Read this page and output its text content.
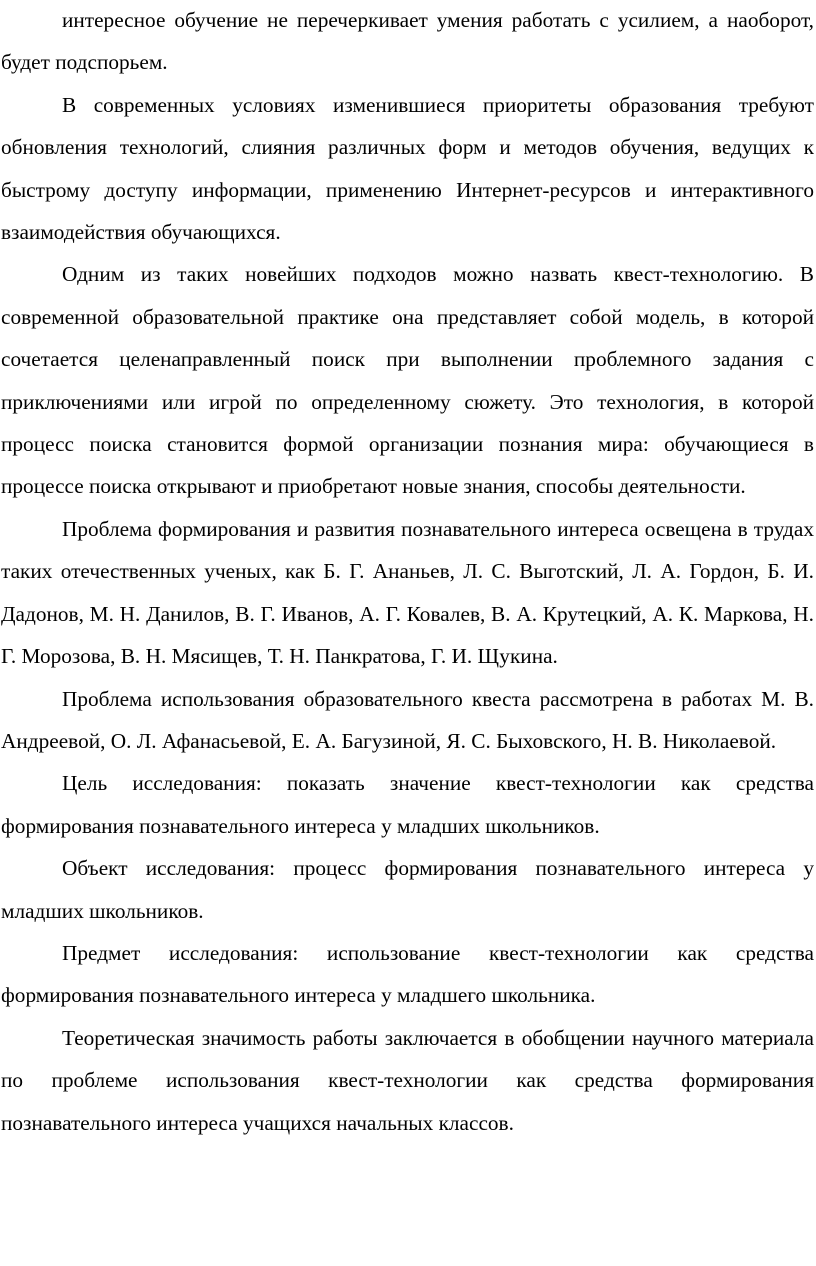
интересное обучение не перечеркивает умения работать с усилием, а наоборот, будет подспорьем.

В современных условиях изменившиеся приоритеты образования требуют обновления технологий, слияния различных форм и методов обучения, ведущих к быстрому доступу информации, применению Интернет-ресурсов и интерактивного взаимодействия обучающихся.

Одним из таких новейших подходов можно назвать квест-технологию. В современной образовательной практике она представляет собой модель, в которой сочетается целенаправленный поиск при выполнении проблемного задания с приключениями или игрой по определенному сюжету. Это технология, в которой процесс поиска становится формой организации познания мира: обучающиеся в процессе поиска открывают и приобретают новые знания, способы деятельности.

Проблема формирования и развития познавательного интереса освещена в трудах таких отечественных ученых, как Б. Г. Ананьев, Л. С. Выготский, Л. А. Гордон, Б. И. Дадонов, М. Н. Данилов, В. Г. Иванов, А. Г. Ковалев, В. А. Крутецкий, А. К. Маркова, Н. Г. Морозова, В. Н. Мясищев, Т. Н. Панкратова, Г. И. Щукина.

Проблема использования образовательного квеста рассмотрена в работах М. В. Андреевой, О. Л. Афанасьевой, Е. А. Багузиной, Я. С. Быховского, Н. В. Николаевой.

Цель исследования: показать значение квест-технологии как средства формирования познавательного интереса у младших школьников.

Объект исследования: процесс формирования познавательного интереса у младших школьников.

Предмет исследования: использование квест-технологии как средства формирования познавательного интереса у младшего школьника.

Теоретическая значимость работы заключается в обобщении научного материала по проблеме использования квест-технологии как средства формирования познавательного интереса учащихся начальных классов.
